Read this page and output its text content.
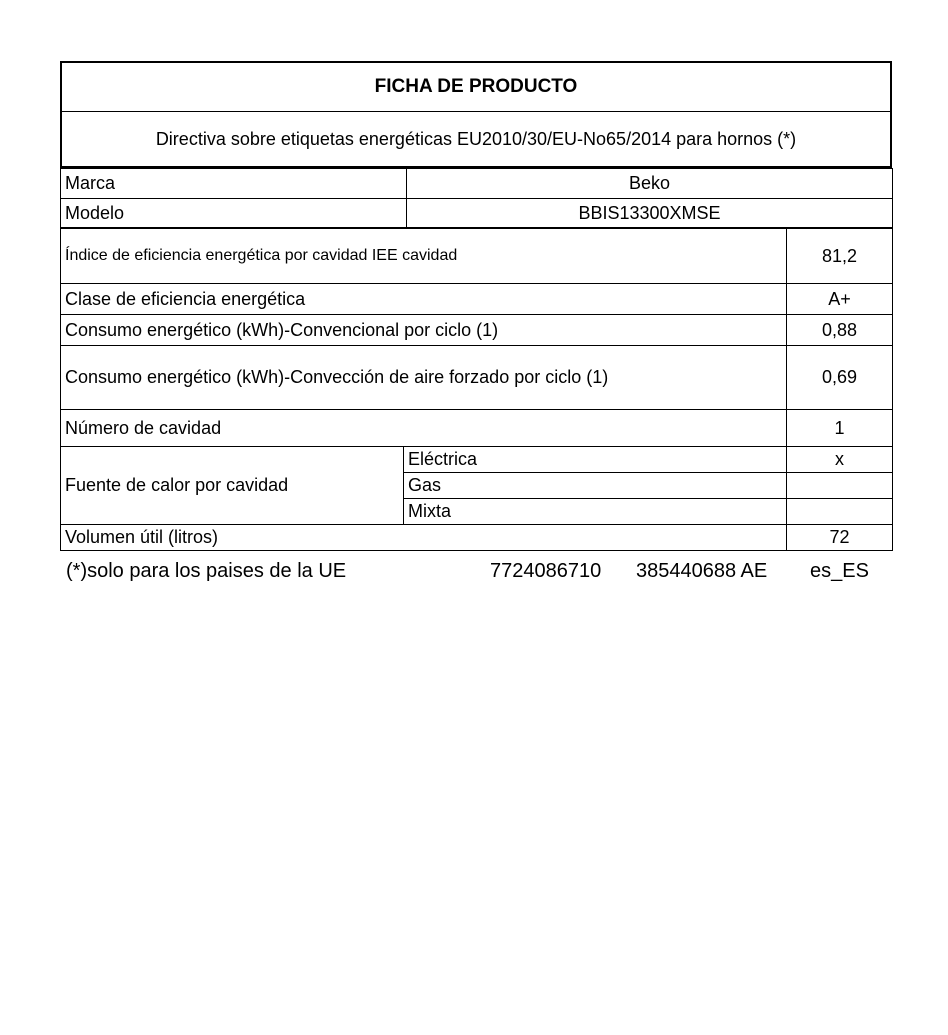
FICHA DE PRODUCTO
Directiva sobre etiquetas energéticas EU2010/30/EU-No65/2014 para hornos (*)
Marca	Beko
Modelo	BBIS13300XMSE
Índice de eficiencia energética por cavidad IEE cavidad		81,2
Clase de eficiencia energética		A+
Consumo energético (kWh)-Convencional por ciclo (1)		0,88
Consumo energético (kWh)-Convección de aire forzado por ciclo (1)		0,69
Número de cavidad		1
Fuente de calor por cavidad	Eléctrica	x
	Gas	
	Mixta	
Volumen útil (litros)		72
(*)solo para los paises de la UE	7724086710 385440688 AE es_ES
